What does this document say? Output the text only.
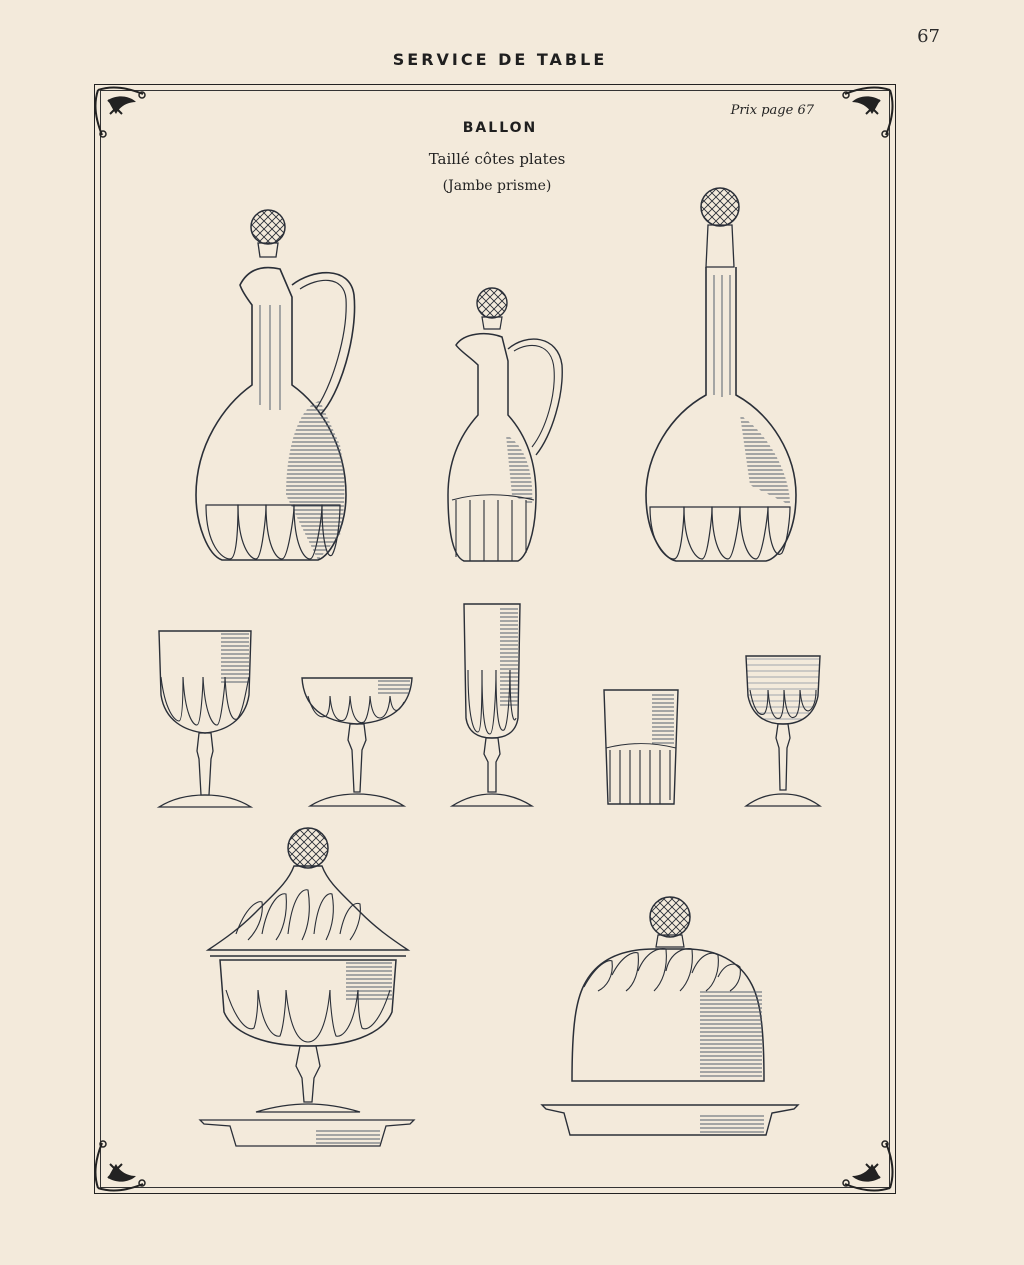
67
SERVICE DE TABLE
Prix page 67
BALLON
Taillé côtes plates
(Jambe prisme)
